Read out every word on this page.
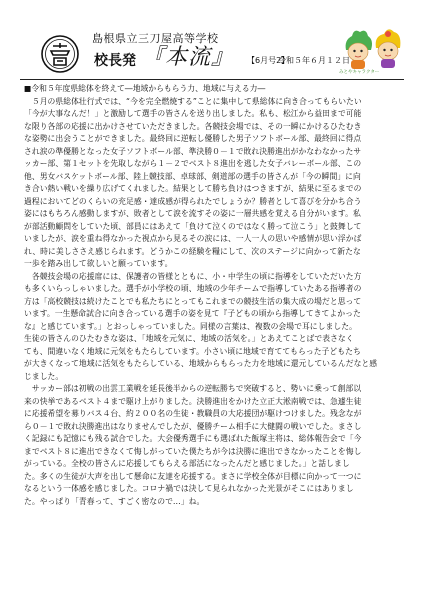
島根県立三刀屋高等学校
校長発 『本流』 【6月号2】
令和５年６月１２日
みとやキャラクター

■令和５年度県総体を終えて―地域からもらう力、地域に与える力―

　５月の県総体壮行式では、“今を完全燃焼する”ことに集中して県総体に向き合ってもらいたい
「今が大事なんだ！」と激励して選手の皆さんを送り出しました。私も、松江から益田まで可能
な限り各部の応援に出かけさせていただきました。各競技会場では、その一瞬にかけるひたむき
な姿勢に出会うことができました。最終回に逆転し優勝した男子ソフトボール部、最終回に得点
され涙の準優勝となった女子ソフトボール部、準決勝０－１で敗れ決勝進出がかなわなかったサ
ッカー部、第１セットを先取しながら１－２でベスト８進出を逃した女子バレーボール部、この
他、男女バスケットボール部、陸上競技部、卓球部、剣道部の選手の皆さんが「今の瞬間」に向
き合い熱い戦いを繰り広げてくれました。結果として勝ち負けはつきますが、結果に至るまでの
過程においてどのくらいの充足感・達成感が得られたでしょうか？勝者として喜びを分かち合う
姿にはもちろん感動しますが、敗者として涙を流すその姿に一層共感を覚える自分がいます。私
が部活動顧問をしていた頃、部員にはあえて「負けて泣くのではなく勝って泣こう」と鼓舞して
いましたが、涙を重ね得なかった視点から見るその涙には、一人一人の思いや感情が思い浮かば
れ、時に美しささえ感じられます。どうかこの経験を糧にして、次のステージに向かって新たな
一歩を踏み出して欲しいと願っています。

　各競技会場の応援席には、保護者の皆様とともに、小・中学生の頃に指導をしていただいた方
も多くいらっしゃいました。選手が小学校の頃、地域の少年チームで指導していたある指導者の
方は「高校競技は続けたことでも私たちにとってもこれまでの競技生活の集大成の場だと思って
います。一生懸命試合に向き合っている選手の姿を見て『子どもの頃から指導してきてよかった
な』と感じています。」とおっしゃっていました。同様の言葉は、複数の会場で耳にしました。
生徒の皆さんのひたむきな姿は、「地域を元気に、地域の活気を。」とあえてことばで表さなく
ても、間違いなく地域に元気をもたらしています。小さい頃に地域で育ててもらった子どもたち
が大きくなって地域に活気をもたらしている、地域からもらった力を地域に還元しているんだなと感
じました。

　サッカー部は初戦の出雲工業戦を延長後半からの逆転勝ちで突破すると、勢いに乗って創部以
来の快挙であるベスト４まで駆け上がりました。決勝進出をかけた立正大淞南戦では、急遽生徒
に応援希望を募りバス４台、約２００名の生徒・教職員の大応援団が駆けつけました。残念なが
ら０－１で敗れ決勝進出はなりませんでしたが、優勝チーム相手に大健闘の戦いでした。まさし
く記録にも記憶にも残る試合でした。大会優秀選手にも選ばれた飯塚主将は、総体報告会で「今
までベスト８に進出できなくて悔しがっていた僕たちが今は決勝に進出できなかったことを悔し
がっている。全校の皆さんに応援してもらえる部活になったんだと感じました。」と話しまし
た。多くの生徒が大声を出して懸命に友達を応援する。まさに学校全体が目標に向かって一つに
なるという一体感を感じました。コロナ禍では決して見られなかった光景がそこにはありまし
た。やっぱり「青春って、すごく密なので…」ね。
